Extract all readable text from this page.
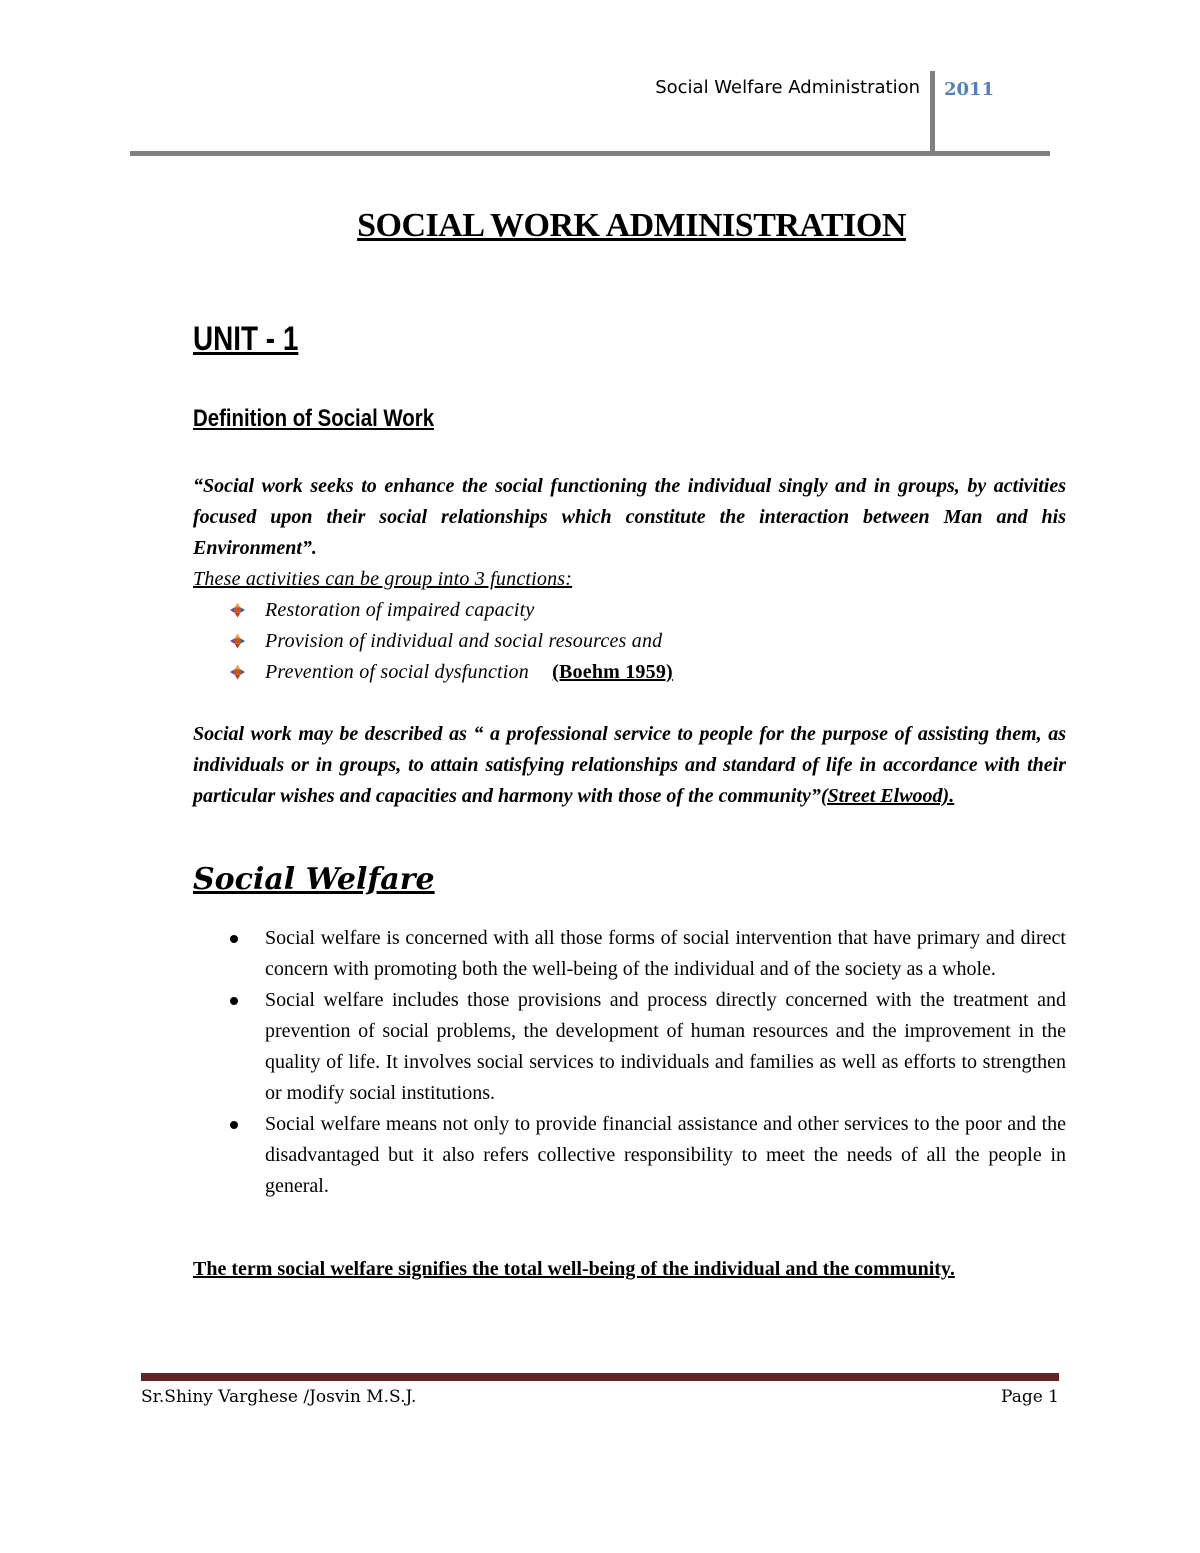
Social Welfare Administration 2011
SOCIAL WORK ADMINISTRATION
UNIT - 1
Definition of Social Work
“Social work seeks to enhance the social functioning the individual singly and in groups, by activities focused upon their social relationships which constitute the interaction between Man and his Environment”.
These activities can be group into 3 functions:
Restoration of impaired capacity
Provision of individual and social resources and
Prevention of social dysfunction (Boehm 1959)
Social work may be described as “ a professional service to people for the purpose of assisting them, as individuals or in groups, to attain satisfying relationships and standard of life in accordance with their particular wishes and capacities and harmony with those of the community”(Street Elwood).
Social Welfare
Social welfare is concerned with all those forms of social intervention that have primary and direct concern with promoting both the well-being of the individual and of the society as a whole.
Social welfare includes those provisions and process directly concerned with the treatment and prevention of social problems, the development of human resources and the improvement in the quality of life. It involves social services to individuals and families as well as efforts to strengthen or modify social institutions.
Social welfare means not only to provide financial assistance and other services to the poor and the disadvantaged but it also refers collective responsibility to meet the needs of all the people in general.
The term social welfare signifies the total well-being of the individual and the community.
Sr.Shiny Varghese /Josvin M.S.J.	Page 1
